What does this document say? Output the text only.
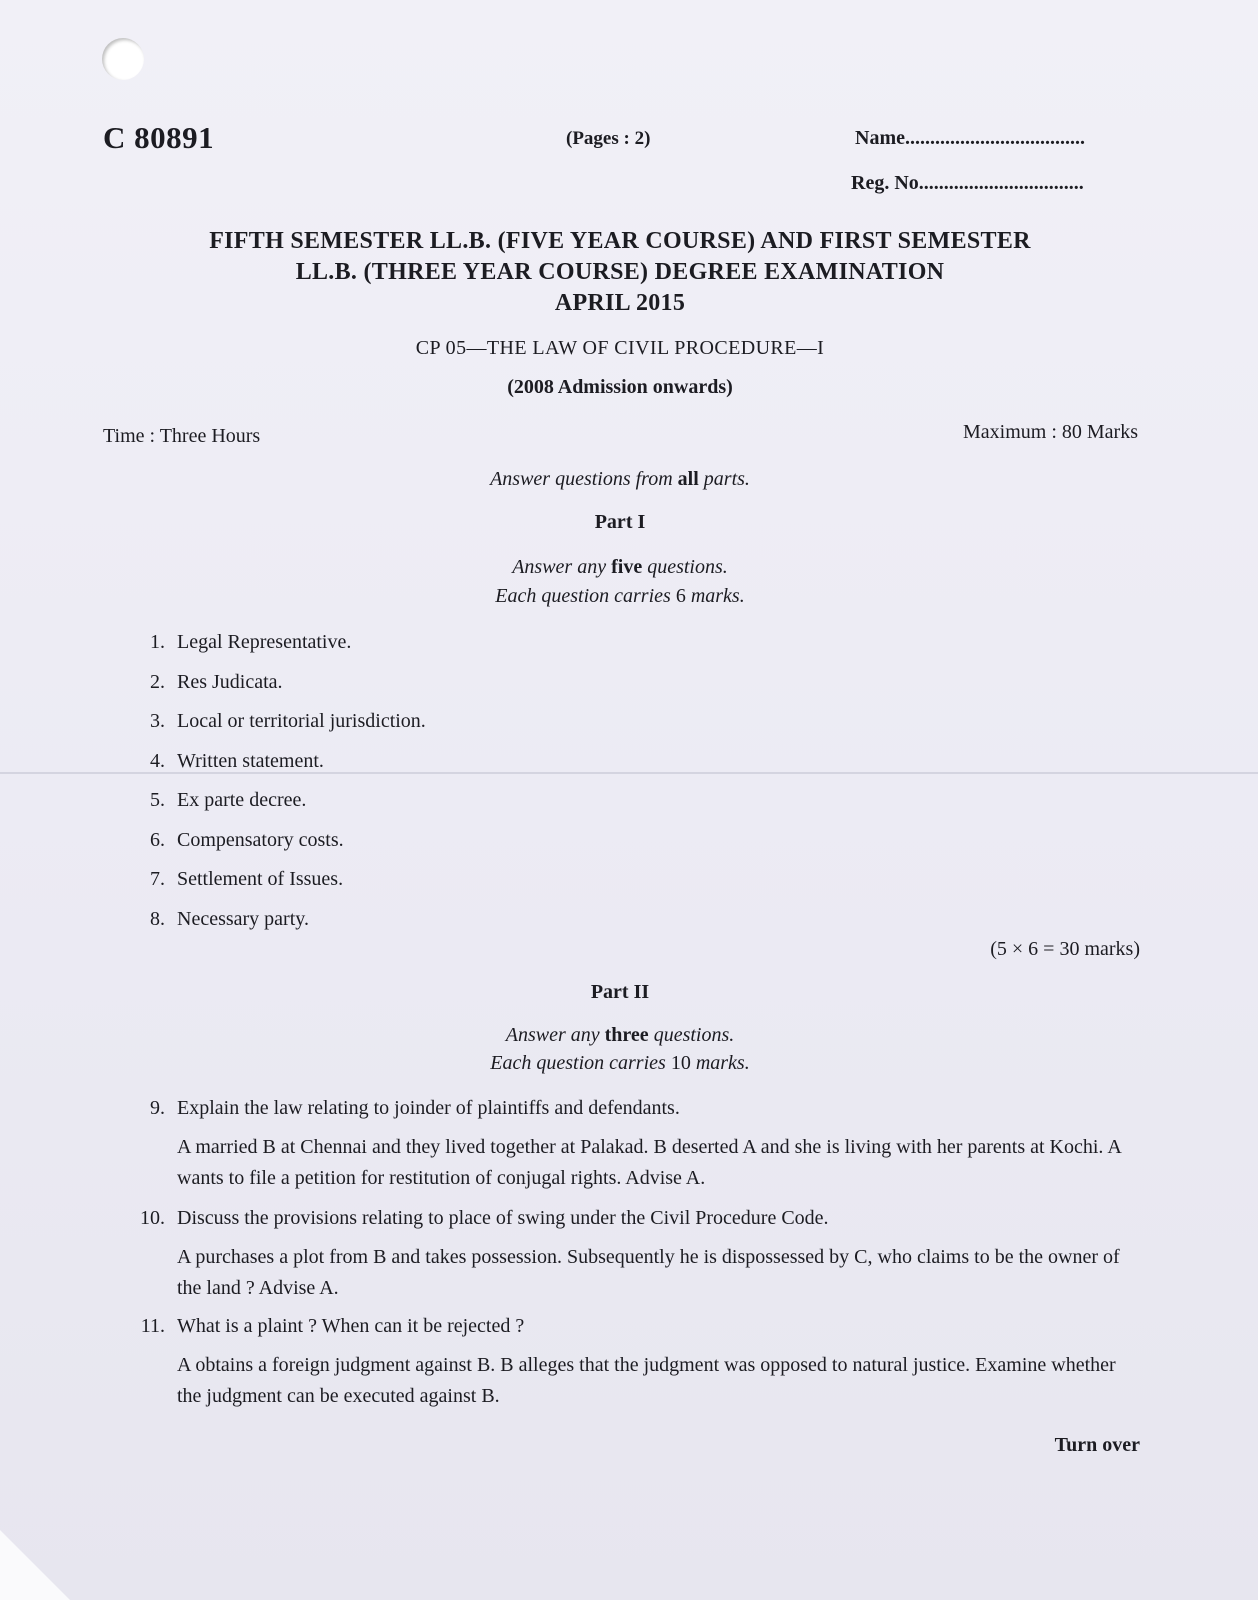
C 80891	(Pages : 2)	Name....................................
Reg. No.................................
FIFTH SEMESTER LL.B. (FIVE YEAR COURSE) AND FIRST SEMESTER
LL.B. (THREE YEAR COURSE) DEGREE EXAMINATION
APRIL 2015
CP 05—THE LAW OF CIVIL PROCEDURE—I
(2008 Admission onwards)
Time : Three Hours	Maximum : 80 Marks
Answer questions from all parts.
Part I
Answer any five questions.
Each question carries 6 marks.
1. Legal Representative.
2. Res Judicata.
3. Local or territorial jurisdiction.
4. Written statement.
5. Ex parte decree.
6. Compensatory costs.
7. Settlement of Issues.
8. Necessary party.
(5 × 6 = 30 marks)
Part II
Answer any three questions.
Each question carries 10 marks.
9. Explain the law relating to joinder of plaintiffs and defendants.
A married B at Chennai and they lived together at Palakad. B deserted A and she is living with her parents at Kochi. A wants to file a petition for restitution of conjugal rights. Advise A.
10. Discuss the provisions relating to place of swing under the Civil Procedure Code.
A purchases a plot from B and takes possession. Subsequently he is dispossessed by C, who claims to be the owner of the land ? Advise A.
11. What is a plaint ? When can it be rejected ?
A obtains a foreign judgment against B. B alleges that the judgment was opposed to natural justice. Examine whether the judgment can be executed against B.
Turn over
